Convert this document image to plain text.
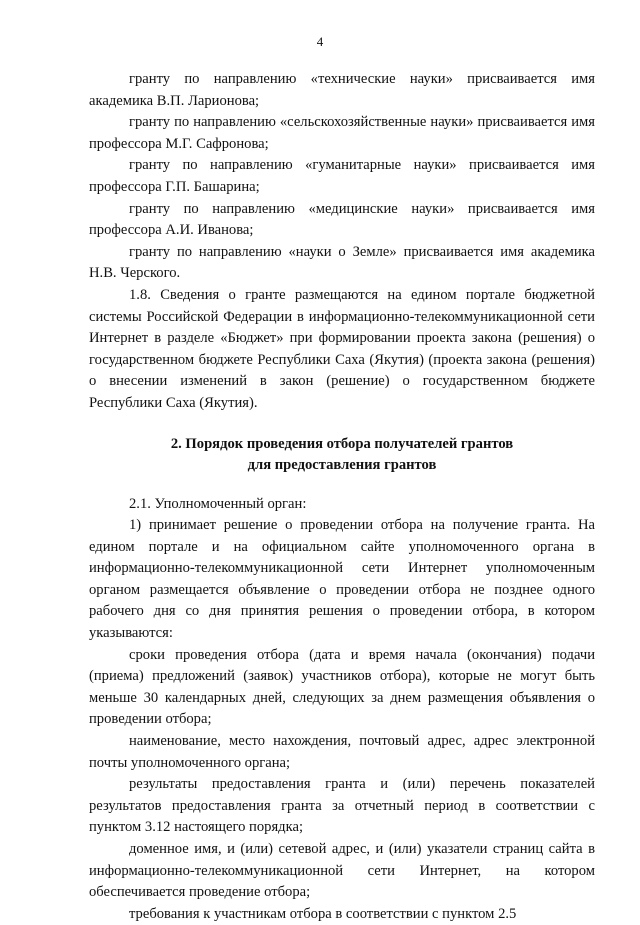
4

гранту по направлению «технические науки» присваивается имя академика В.П. Ларионова;

гранту по направлению «сельскохозяйственные науки» присваивается имя профессора М.Г. Сафронова;

гранту по направлению «гуманитарные науки» присваивается имя профессора Г.П. Башарина;

гранту по направлению «медицинские науки» присваивается имя профессора А.И. Иванова;

гранту по направлению «науки о Земле» присваивается имя академика Н.В. Черского.

1.8. Сведения о гранте размещаются на едином портале бюджетной системы Российской Федерации в информационно-телекоммуникационной сети Интернет в разделе «Бюджет» при формировании проекта закона (решения) о государственном бюджете Республики Саха (Якутия) (проекта закона (решения) о внесении изменений в закон (решение) о государственном бюджете Республики Саха (Якутия).

2. Порядок проведения отбора получателей грантов
для предоставления грантов

2.1. Уполномоченный орган:

1) принимает решение о проведении отбора на получение гранта. На едином портале и на официальном сайте уполномоченного органа в информационно-телекоммуникационной сети Интернет уполномоченным органом размещается объявление о проведении отбора не позднее одного рабочего дня со дня принятия решения о проведении отбора, в котором указываются:

сроки проведения отбора (дата и время начала (окончания) подачи (приема) предложений (заявок) участников отбора), которые не могут быть меньше 30 календарных дней, следующих за днем размещения объявления о проведении отбора;

наименование, место нахождения, почтовый адрес, адрес электронной почты уполномоченного органа;

результаты предоставления гранта и (или) перечень показателей результатов предоставления гранта за отчетный период в соответствии с пунктом 3.12 настоящего порядка;

доменное имя, и (или) сетевой адрес, и (или) указатели страниц сайта в информационно-телекоммуникационной сети Интернет, на котором обеспечивается проведение отбора;

требования к участникам отбора в соответствии с пунктом 2.5
